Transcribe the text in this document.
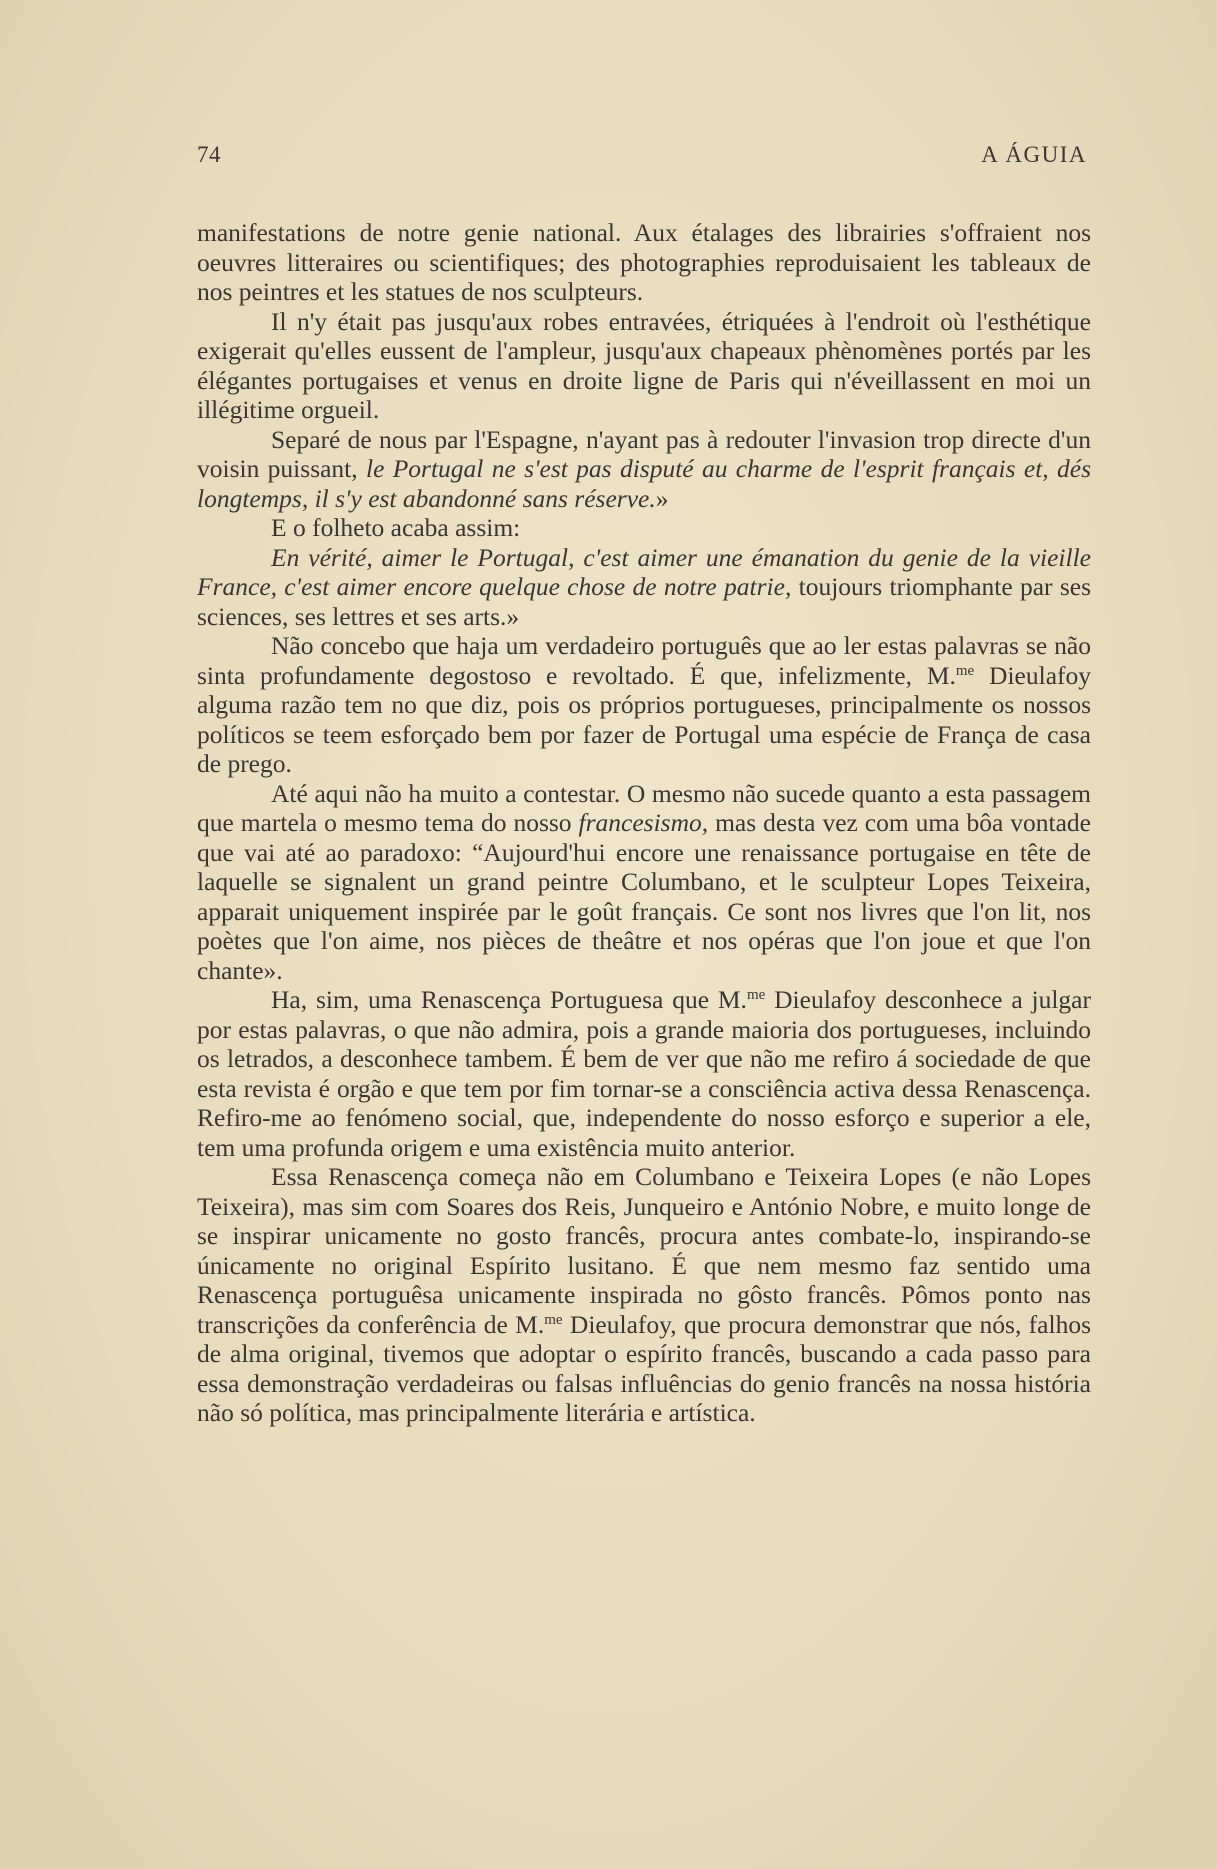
74	A ÁGUIA

manifestations de notre genie national. Aux étalages des librairies s'offraient nos oeuvres litteraires ou scientifiques; des photographies reproduisaient les tableaux de nos peintres et les statues de nos sculpteurs.

Il n'y était pas jusqu'aux robes entravées, étriquées à l'endroit où l'esthétique exigerait qu'elles eussent de l'ampleur, jusqu'aux chapeaux phènomènes portés par les élégantes portugaises et venus en droite ligne de Paris qui n'éveillassent en moi un illégitime orgueil.

Separé de nous par l'Espagne, n'ayant pas à redouter l'invasion trop directe d'un voisin puissant, le Portugal ne s'est pas disputé au charme de l'esprit français et, dés longtemps, il s'y est abandonné sans réserve.»

E o folheto acaba assim:

En vérité, aimer le Portugal, c'est aimer une émanation du genie de la vieille France, c'est aimer encore quelque chose de notre patrie, toujours triomphante par ses sciences, ses lettres et ses arts.»

Não concebo que haja um verdadeiro português que ao ler estas palavras se não sinta profundamente degostoso e revoltado. É que, infelizmente, M.$^{me}$ Dieulafoy alguma razão tem no que diz, pois os próprios portugueses, principalmente os nossos políticos se teem esforçado bem por fazer de Portugal uma espécie de França de casa de prego.

Até aqui não ha muito a contestar. O mesmo não sucede quanto a esta passagem que martela o mesmo tema do nosso francesismo, mas desta vez com uma bôa vontade que vai até ao paradoxo: “Aujourd'hui encore une renaissance portugaise en tête de laquelle se signalent un grand peintre Columbano, et le sculpteur Lopes Teixeira, apparait uniquement inspirée par le goût français. Ce sont nos livres que l'on lit, nos poètes que l'on aime, nos pièces de theâtre et nos opéras que l'on joue et que l'on chante».

Ha, sim, uma Renascença Portuguesa que M.$^{me}$ Dieulafoy desconhece a julgar por estas palavras, o que não admira, pois a grande maioria dos portugueses, incluindo os letrados, a desconhece tambem. É bem de ver que não me refiro á sociedade de que esta revista é orgão e que tem por fim tornar-se a consciência activa dessa Renascença. Refiro-me ao fenómeno social, que, independente do nosso esforço e superior a ele, tem uma profunda origem e uma existência muito anterior.

Essa Renascença começa não em Columbano e Teixeira Lopes (e não Lopes Teixeira), mas sim com Soares dos Reis, Junqueiro e António Nobre, e muito longe de se inspirar unicamente no gosto francês, procura antes combate-lo, inspirando-se únicamente no original Espírito lusitano. É que nem mesmo faz sentido uma Renascença portuguêsa unicamente inspirada no gôsto francês. Pômos ponto nas transcrições da conferência de M.$^{me}$ Dieulafoy, que procura demonstrar que nós, falhos de alma original, tivemos que adoptar o espírito francês, buscando a cada passo para essa demonstração verdadeiras ou falsas influências do genio francês na nossa história não só política, mas principalmente literária e artística.
